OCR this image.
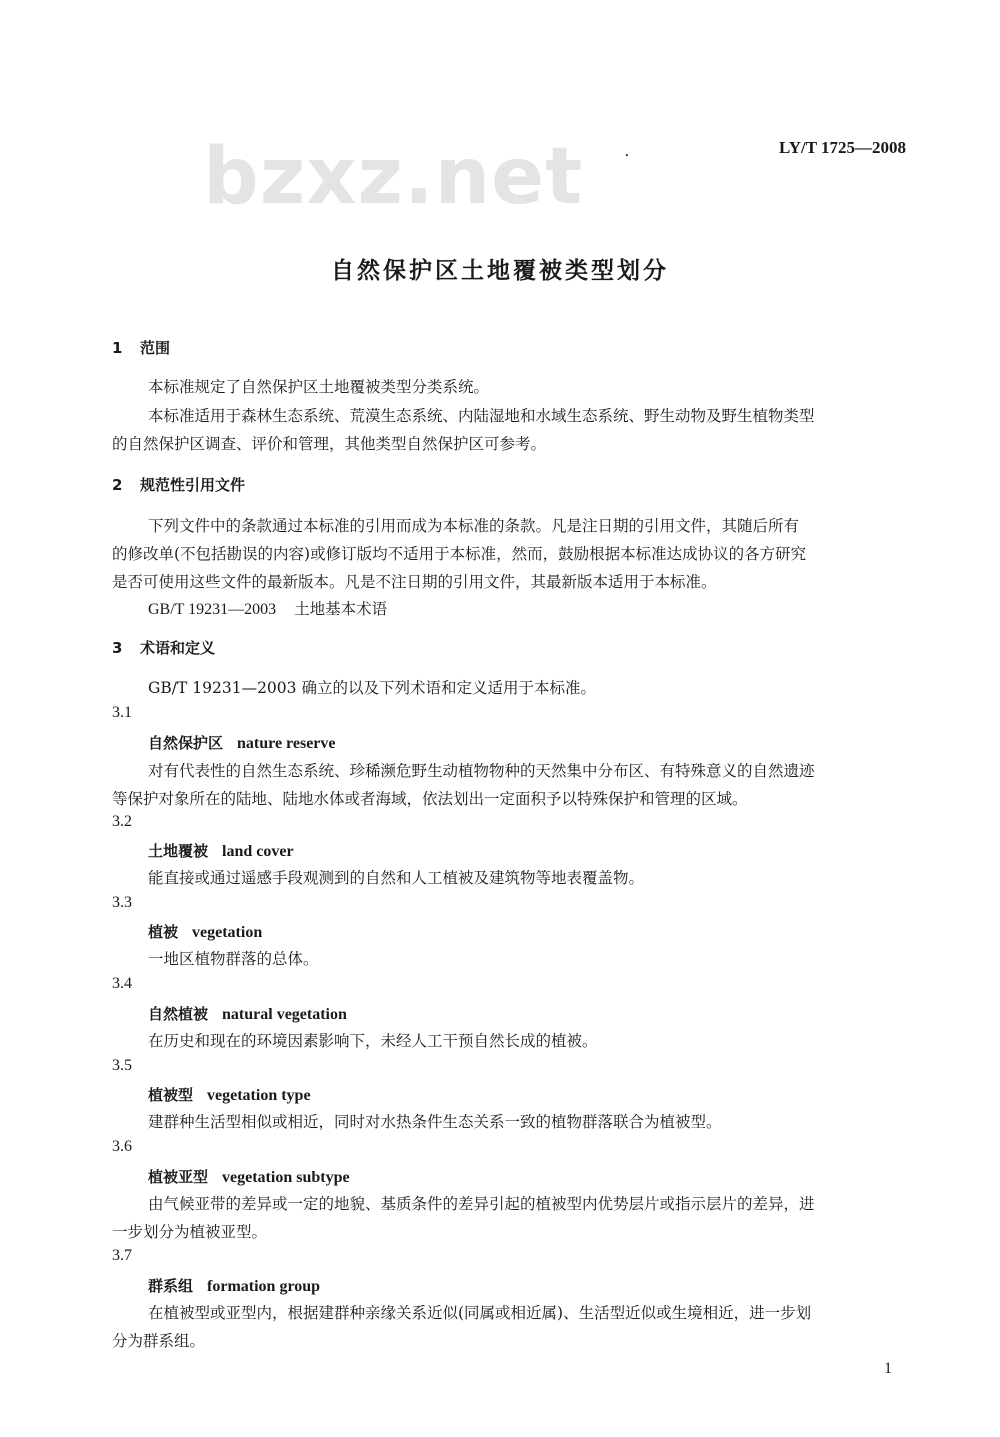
bzxz.net .	LY/T 1725—2008
自然保护区土地覆被类型划分
1 范围
本标准规定了自然保护区土地覆被类型分类系统。
本标准适用于森林生态系统、荒漠生态系统、内陆湿地和水域生态系统、野生动物及野生植物类型
的自然保护区调查、评价和管理，其他类型自然保护区可参考。
2 规范性引用文件
下列文件中的条款通过本标准的引用而成为本标准的条款。凡是注日期的引用文件，其随后所有
的修改单(不包括勘误的内容)或修订版均不适用于本标准，然而，鼓励根据本标准达成协议的各方研究
是否可使用这些文件的最新版本。凡是不注日期的引用文件，其最新版本适用于本标准。
GB/T 19231—2003 土地基本术语
3 术语和定义
GB/T 19231—2003 确立的以及下列术语和定义适用于本标准。
3.1
自然保护区 nature reserve
对有代表性的自然生态系统、珍稀濒危野生动植物物种的天然集中分布区、有特殊意义的自然遗迹
等保护对象所在的陆地、陆地水体或者海域，依法划出一定面积予以特殊保护和管理的区域。
3.2
土地覆被 land cover
能直接或通过遥感手段观测到的自然和人工植被及建筑物等地表覆盖物。
3.3
植被 vegetation
一地区植物群落的总体。
3.4
自然植被 natural vegetation
在历史和现在的环境因素影响下，未经人工干预自然长成的植被。
3.5
植被型 vegetation type
建群种生活型相似或相近，同时对水热条件生态关系一致的植物群落联合为植被型。
3.6
植被亚型 vegetation subtype
由气候亚带的差异或一定的地貌、基质条件的差异引起的植被型内优势层片或指示层片的差异，进
一步划分为植被亚型。
3.7
群系组 formation group
在植被型或亚型内，根据建群种亲缘关系近似(同属或相近属)、生活型近似或生境相近，进一步划
分为群系组。
1
